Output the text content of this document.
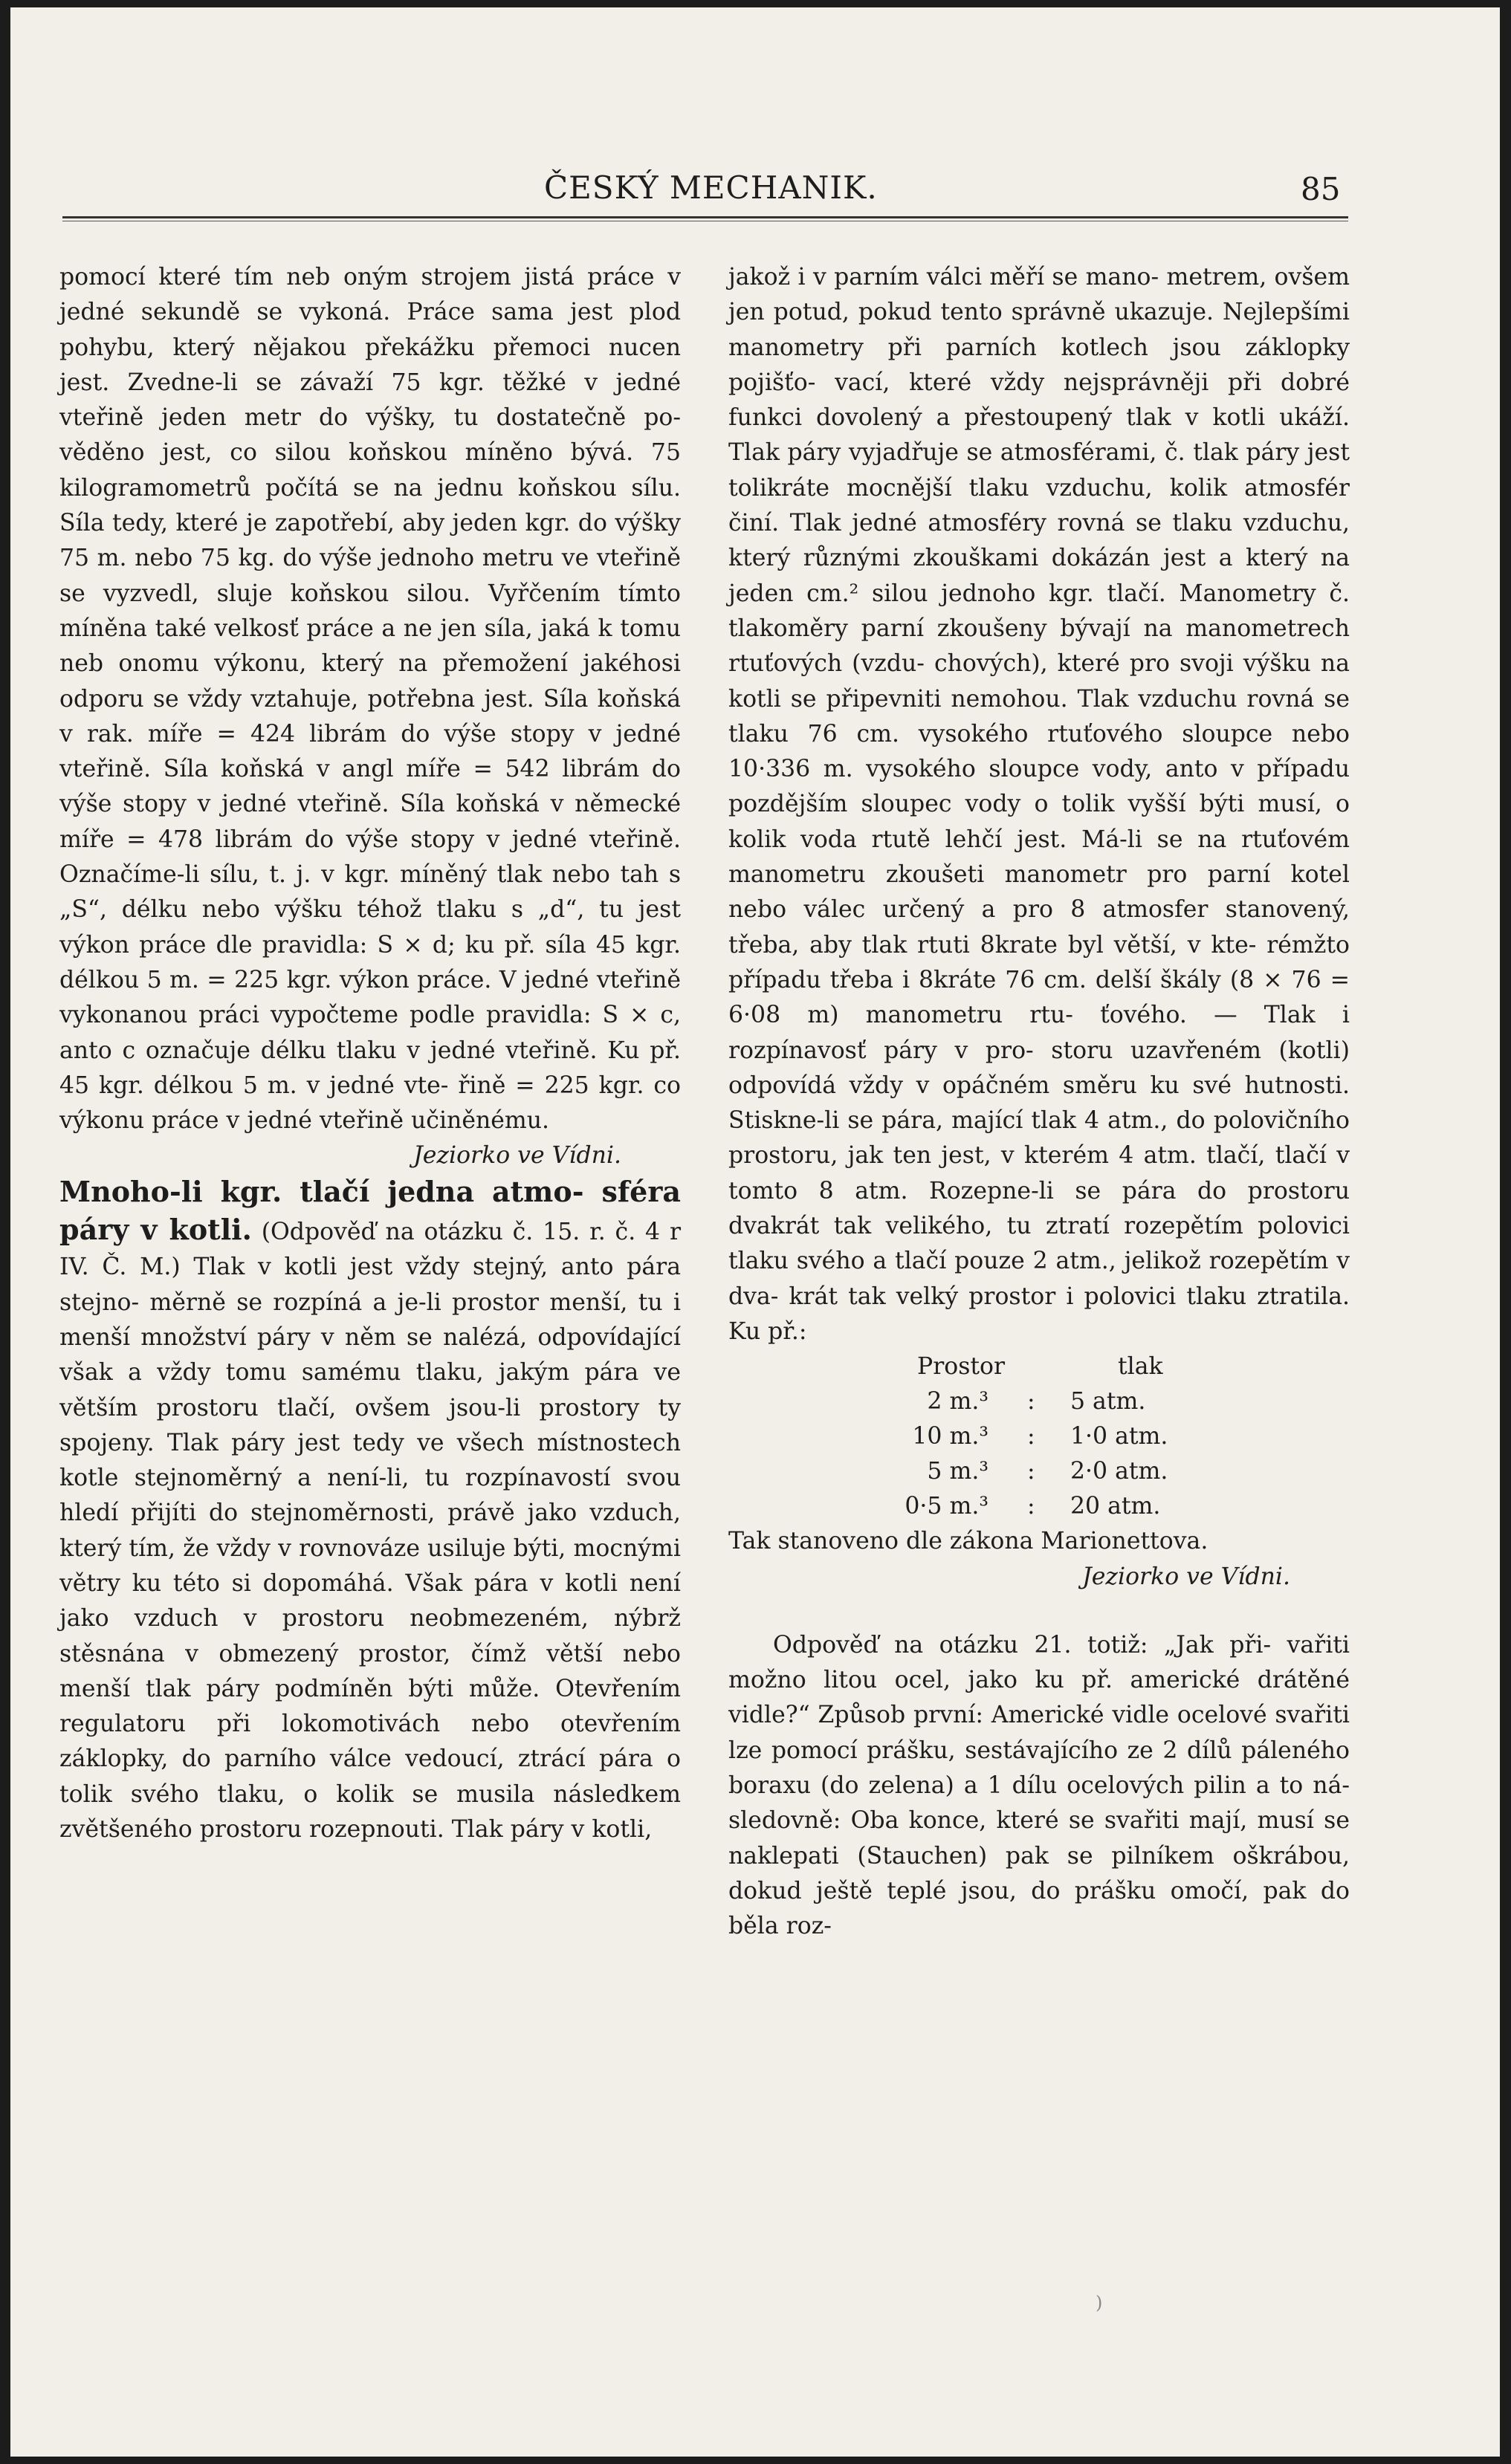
ČESKÝ MECHANIK.	85

pomocí které tím neb oným strojem jistá práce v jedné sekundě se vykoná. Práce sama jest plod pohybu, který nějakou překážku přemoci nucen jest. Zvedne-li se závaží 75 kgr. těžké v jedné vteřině jeden metr do výšky, tu dostatečně po- věděno jest, co silou koňskou míněno bývá. 75 kilogramometrů počítá se na jednu koňskou sílu. Síla tedy, které je zapotřebí, aby jeden kgr. do výšky 75 m. nebo 75 kg. do výše jednoho metru ve vteřině se vyzvedl, sluje koňskou silou. Vyřčením tímto míněna také velkosť práce a ne jen síla, jaká k tomu neb onomu výkonu, který na přemožení jakéhosi odporu se vždy vztahuje, potřebna jest. Síla koňská v rak. míře = 424 librám do výše stopy v jedné vteřině. Síla koňská v angl míře = 542 librám do výše stopy v jedné vteřině. Síla koňská v německé míře = 478 librám do výše stopy v jedné vteřině. Označíme-li sílu, t. j. v kgr. míněný tlak nebo tah s „S“, délku nebo výšku téhož tlaku s „d“, tu jest výkon práce dle pravidla: S × d; ku př. síla 45 kgr. délkou 5 m. = 225 kgr. výkon práce. V jedné vteřině vykonanou práci vypočteme podle pravidla: S × c, anto c označuje délku tlaku v jedné vteřině. Ku př. 45 kgr. délkou 5 m. v jedné vte- řině = 225 kgr. co výkonu práce v jedné vteřině učiněnému.

Jeziorko ve Vídni.

Mnoho-li kgr. tlačí jedna atmo- sféra páry v kotli. (Odpověď na otázku č. 15. r. č. 4 r IV. Č. M.) Tlak v kotli jest vždy stejný, anto pára stejno- měrně se rozpíná a je-li prostor menší, tu i menší množství páry v něm se nalézá, odpovídající však a vždy tomu samému tlaku, jakým pára ve větším prostoru tlačí, ovšem jsou-li prostory ty spojeny. Tlak páry jest tedy ve všech místnostech kotle stejnoměrný a není-li, tu rozpínavostí svou hledí přijíti do stejnoměrnosti, právě jako vzduch, který tím, že vždy v rovnováze usiluje býti, mocnými větry ku této si dopomáhá. Však pára v kotli není jako vzduch v prostoru neobmezeném, nýbrž stěsnána v obmezený prostor, čímž větší nebo menší tlak páry podmíněn býti může. Otevřením regulatoru při lokomotivách nebo otevřením záklopky, do parního válce vedoucí, ztrácí pára o tolik svého tlaku, o kolik se musila následkem zvětšeného prostoru rozepnouti. Tlak páry v kotli,

jakož i v parním válci měří se mano- metrem, ovšem jen potud, pokud tento správně ukazuje. Nejlepšími manometry při parních kotlech jsou záklopky pojišťo- vací, které vždy nejsprávněji při dobré funkci dovolený a přestoupený tlak v kotli ukáží. Tlak páry vyjadřuje se atmosférami, č. tlak páry jest tolikráte mocnější tlaku vzduchu, kolik atmosfér činí. Tlak jedné atmosféry rovná se tlaku vzduchu, který různými zkouškami dokázán jest a který na jeden cm.² silou jednoho kgr. tlačí. Manometry č. tlakoměry parní zkoušeny bývají na manometrech rtuťových (vzdu- chových), které pro svoji výšku na kotli se připevniti nemohou. Tlak vzduchu rovná se tlaku 76 cm. vysokého rtuťového sloupce nebo 10·336 m. vysokého sloupce vody, anto v případu pozdějším sloupec vody o tolik vyšší býti musí, o kolik voda rtutě lehčí jest. Má-li se na rtuťovém manometru zkoušeti manometr pro parní kotel nebo válec určený a pro 8 atmosfer stanovený, třeba, aby tlak rtuti 8krate byl větší, v kte- rémžto případu třeba i 8kráte 76 cm. delší škály (8 × 76 = 6·08 m) manometru rtu- ťového. — Tlak i rozpínavosť páry v pro- storu uzavřeném (kotli) odpovídá vždy v opáčném směru ku své hutnosti. Stiskne-li se pára, mající tlak 4 atm., do polovičního prostoru, jak ten jest, v kterém 4 atm. tlačí, tlačí v tomto 8 atm. Rozepne-li se pára do prostoru dvakrát tak velikého, tu ztratí rozepětím polovici tlaku svého a tlačí pouze 2 atm., jelikož rozepětím v dva- krát tak velký prostor i polovici tlaku ztratila. Ku př.:

Prostor	tlak
2 m.³ : 5 atm.
10 m.³ : 1·0 atm.
5 m.³ : 2·0 atm.
0·5 m.³ : 20 atm.

Tak stanoveno dle zákona Marionettova.

Jeziorko ve Vídni.

Odpověď na otázku 21. totiž: „Jak při- vařiti možno litou ocel, jako ku př. americké drátěné vidle?“ Způsob první: Americké vidle ocelové svařiti lze pomocí prášku, sestávajícího ze 2 dílů páleného boraxu (do zelena) a 1 dílu ocelových pilin a to ná- sledovně: Oba konce, které se svařiti mají, musí se naklepati (Stauchen) pak se pilníkem oškrábou, dokud ještě teplé jsou, do prášku omočí, pak do běla roz-

)
